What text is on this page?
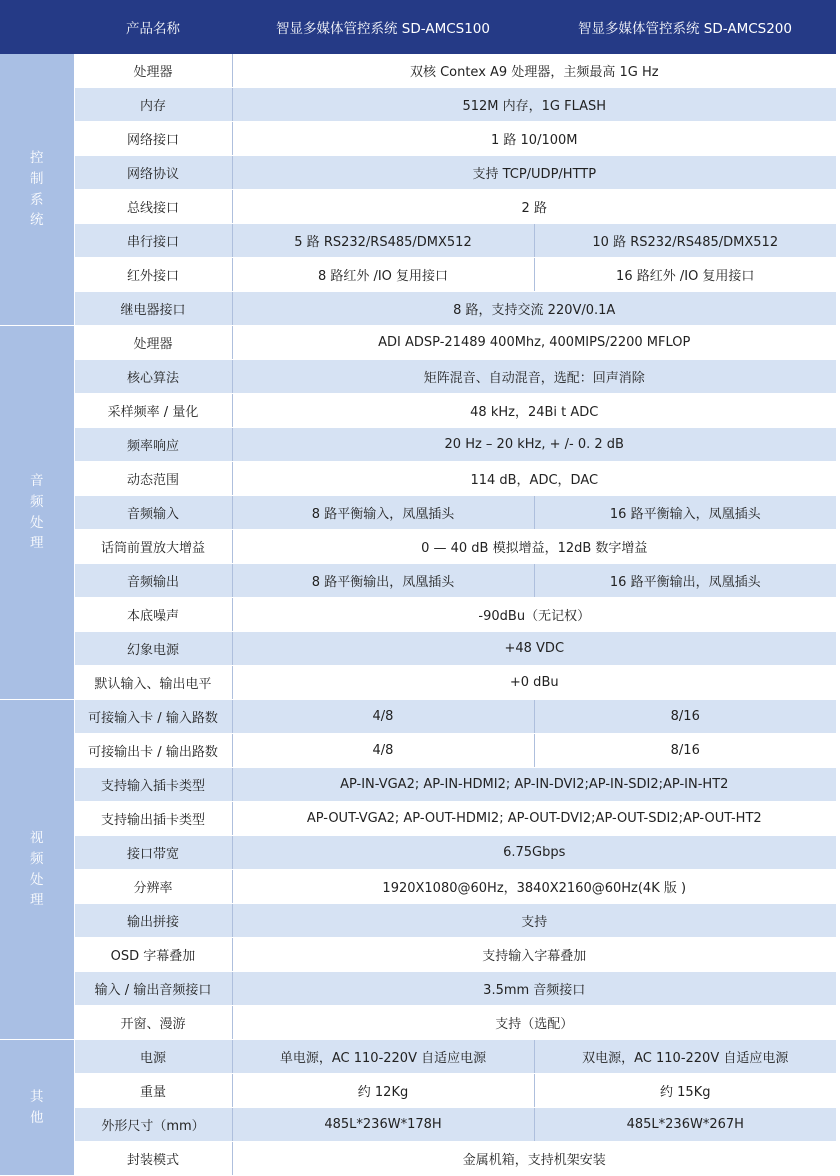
	产品名称	智显多媒体管控系统 SD-AMCS100	智显多媒体管控系统 SD-AMCS200
控制系统	处理器	双核 Contex A9 处理器，主频最高 1G Hz	
	内存	512M 内存，1G FLASH	
	网络接口	1 路 10/100M	
	网络协议	支持 TCP/UDP/HTTP	
	总线接口	2 路	
	串行接口	5 路 RS232/RS485/DMX512	10 路 RS232/RS485/DMX512
	红外接口	8 路红外 /IO 复用接口	16 路红外 /IO 复用接口
	继电器接口	8 路，支持交流 220V/0.1A	
音频处理	处理器	ADI ADSP-21489 400Mhz, 400MIPS/2200 MFLOP	
	核心算法	矩阵混音、自动混音，选配：回声消除	
	采样频率 / 量化	48 kHz，24Bi t ADC	
	频率响应	20 Hz – 20 kHz, + /- 0. 2 dB	
	动态范围	114 dB，ADC，DAC	
	音频输入	8 路平衡输入，凤凰插头	16 路平衡输入，凤凰插头
	话筒前置放大增益	0 — 40 dB 模拟增益，12dB 数字增益	
	音频输出	8 路平衡输出，凤凰插头	16 路平衡输出，凤凰插头
	本底噪声	-90dBu（无记权）	
	幻象电源	+48 VDC	
	默认输入、输出电平	+0 dBu	
视频处理	可接输入卡 / 输入路数	4/8	8/16
	可接输出卡 / 输出路数	4/8	8/16
	支持输入插卡类型	AP-IN-VGA2; AP-IN-HDMI2; AP-IN-DVI2;AP-IN-SDI2;AP-IN-HT2	
	支持输出插卡类型	AP-OUT-VGA2; AP-OUT-HDMI2; AP-OUT-DVI2;AP-OUT-SDI2;AP-OUT-HT2	
	接口带宽	6.75Gbps	
	分辨率	1920X1080@60Hz，3840X2160@60Hz(4K 版 )	
	输出拼接	支持	
	OSD 字幕叠加	支持输入字幕叠加	
	输入 / 输出音频接口	3.5mm 音频接口	
	开窗、漫游	支持（选配）	
其他	电源	单电源，AC 110-220V 自适应电源	双电源，AC 110-220V 自适应电源
	重量	约 12Kg	约 15Kg
	外形尺寸（mm）	485L*236W*178H	485L*236W*267H
	封装模式	金属机箱，支持机架安装	
